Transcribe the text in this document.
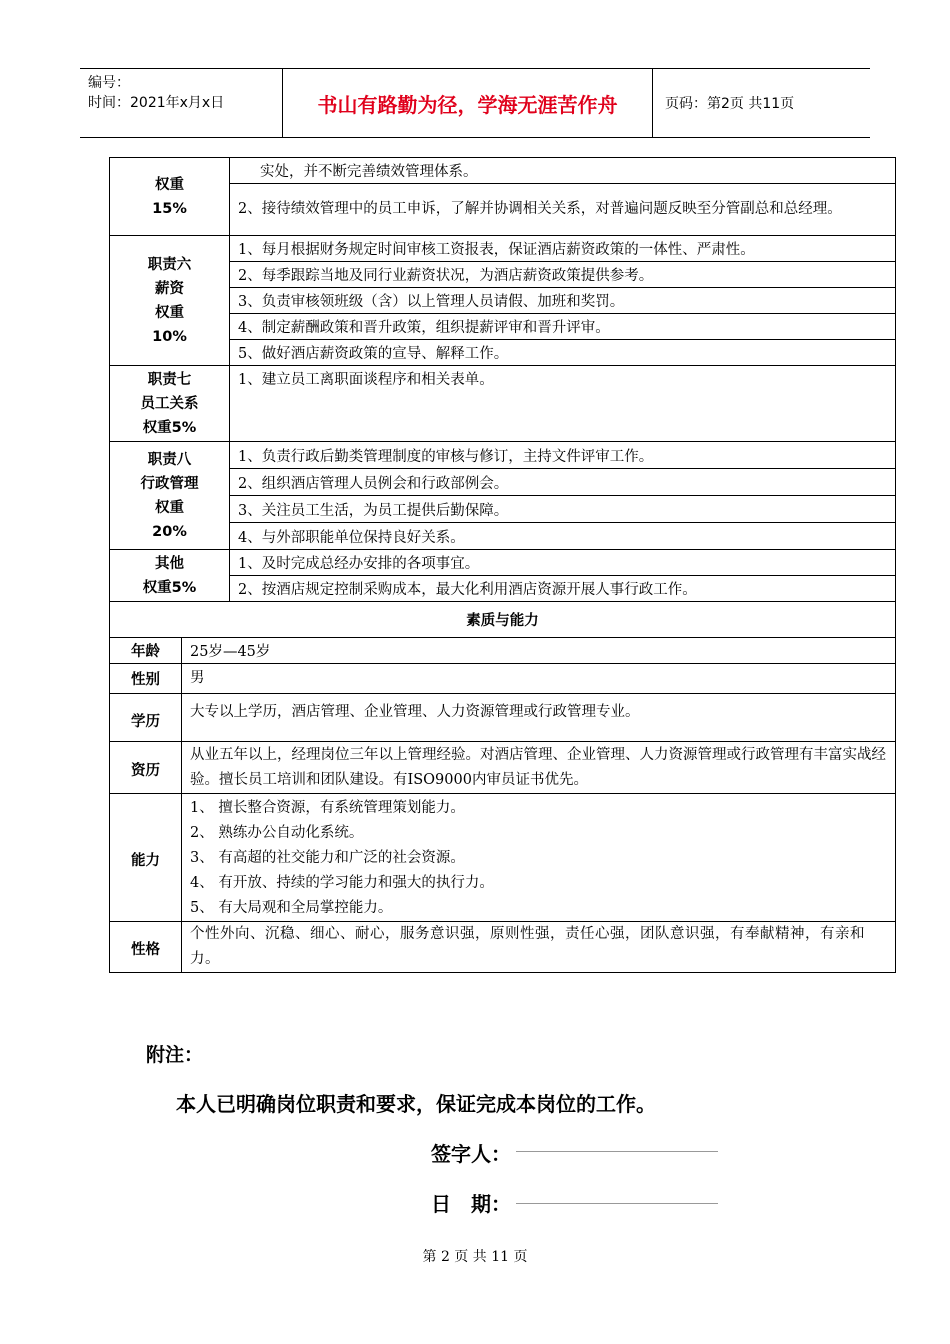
编号：
时间：2021年x月x日	书山有路勤为径，学海无涯苦作舟	页码：第2页 共11页
权重
15%		实处，并不断完善绩效管理体系。
		2、接待绩效管理中的员工申诉，了解并协调相关关系，对普遍问题反映至分管副总和总经理。

职责六
薪资
权重
10%		1、每月根据财务规定时间审核工资报表，保证酒店薪资政策的一体性、严肃性。
		2、每季跟踪当地及同行业薪资状况，为酒店薪资政策提供参考。
		3、负责审核领班级（含）以上管理人员请假、加班和奖罚。
		4、制定薪酬政策和晋升政策，组织提薪评审和晋升评审。
		5、做好酒店薪资政策的宣导、解释工作。

职责七
员工关系
权重5%		1、建立员工离职面谈程序和相关表单。

职责八
行政管理
权重
20%		1、负责行政后勤类管理制度的审核与修订，主持文件评审工作。
		2、组织酒店管理人员例会和行政部例会。
		3、关注员工生活，为员工提供后勤保障。
		4、与外部职能单位保持良好关系。

其他
权重5%		1、及时完成总经办安排的各项事宜。
		2、按酒店规定控制采购成本，最大化利用酒店资源开展人事行政工作。
素质与能力		
年龄	25岁—45岁	
性别	男	
学历	大专以上学历，酒店管理、企业管理、人力资源管理或行政管理专业。	
资历	从业五年以上，经理岗位三年以上管理经验。对酒店管理、企业管理、人力资源管理或行政管理有丰富实战经验。擅长员工培训和团队建设。有ISO9000内审员证书优先。	
能力	1、 擅长整合资源，有系统管理策划能力。
2、 熟练办公自动化系统。
3、 有高超的社交能力和广泛的社会资源。
4、 有开放、持续的学习能力和强大的执行力。
5、 有大局观和全局掌控能力。	

性格	个性外向、沉稳、细心、耐心，服务意识强，原则性强，责任心强，团队意识强，有奉献精神，有亲和力。	
附注：
本人已明确岗位职责和要求，保证完成本岗位的工作。
签字人：
日　期：
第 2 页 共 11 页
